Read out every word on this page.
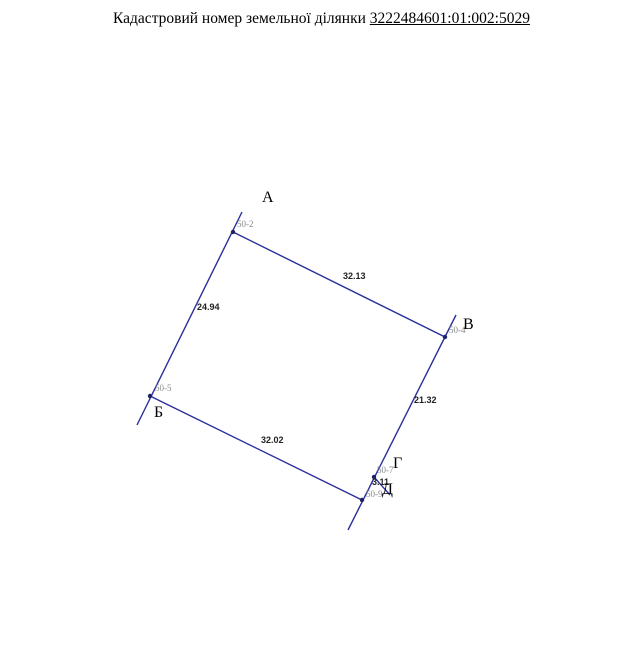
Кадастровий номер земельної ділянки 3222484601:01:002:5029
24.94
32.13
21.32
32.02
3.11
50-2
50-4
50-5
50-7
50-9
А
В
Б
Г
Д
